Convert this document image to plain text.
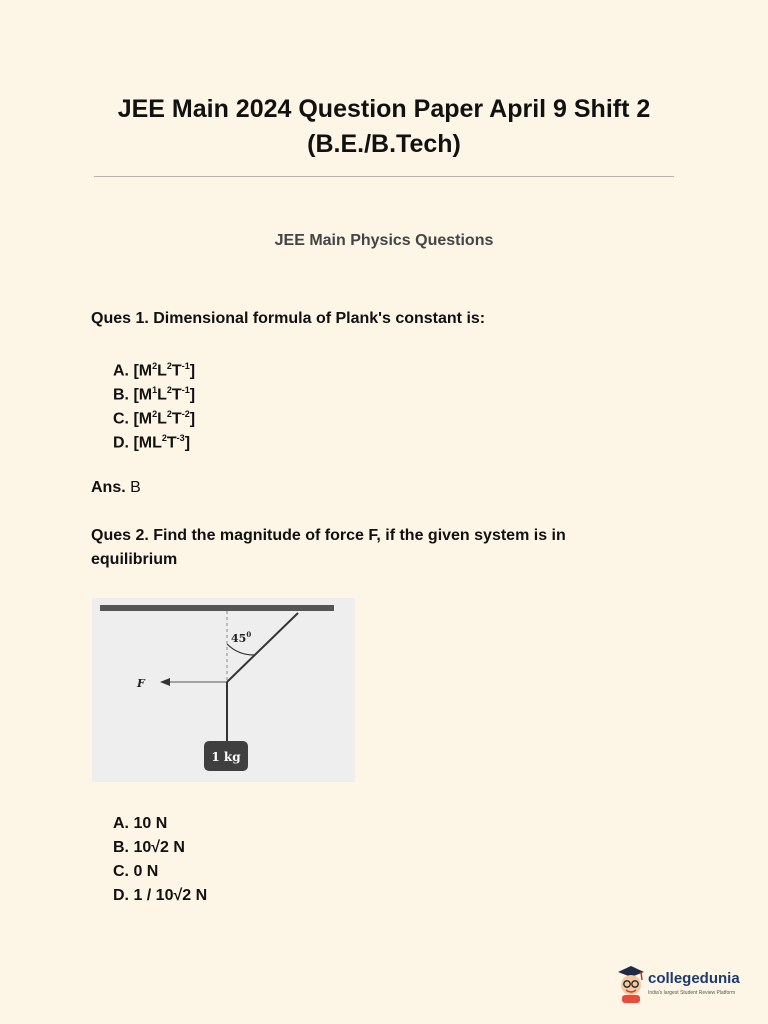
JEE Main 2024 Question Paper April 9 Shift 2
(B.E./B.Tech)
JEE Main Physics Questions
Ques 1. Dimensional formula of Plank's constant is:
A. $[M^2L^2T^{-1}]$
B. $[M^1L^2T^{-1}]$
C. $[M^2L^2T^{-2}]$
D. $[ML^2T^{-3}]$
Ans. B
Ques 2. Find the magnitude of force F, if the given system is in equilibrium
$45^0$
F
1 kg
A. 10 N
B. 10√2 N
C. 0 N
D. 1 / 10√2 N
collegedunia
India's largest Student Review Platform
